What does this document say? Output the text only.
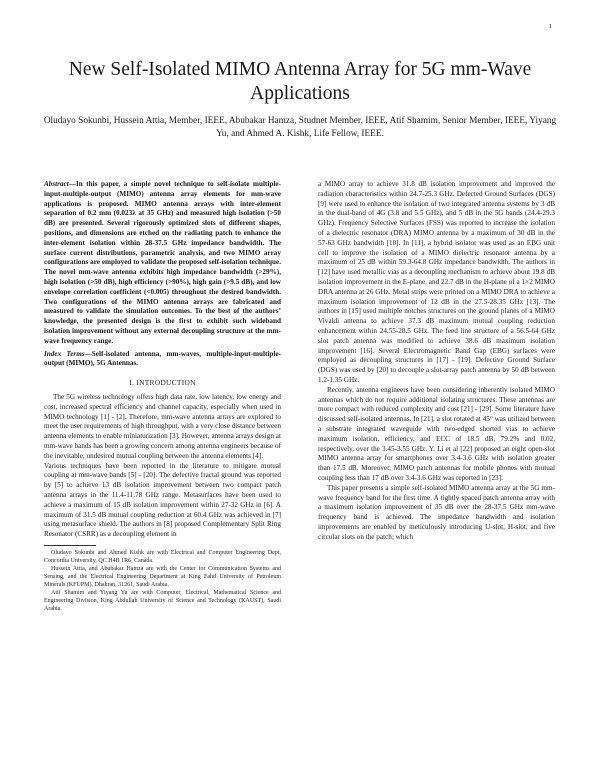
1
New Self-Isolated MIMO Antenna Array for 5G mm-Wave Applications
Oludayo Sokunbi, Hussein Attia, Member, IEEE, Abubakar Hamza, Studnet Member, IEEE, Atif Shamim, Senior Member, IEEE, Yiyang Yu, and Ahmed A. Kishk, Life Fellow, IEEE.
Abstract—In this paper, a simple novel technique to self-isolate multiple-input-multiple-output (MIMO) antenna array elements for mm-wave applications is proposed. MIMO antenna arrays with inter-element separation of 0.2 mm (0.023λ at 35 GHz) and measured high isolation (>50 dB) are presented. Several rigorously optimized slots of different shapes, positions, and dimensions are etched on the radiating patch to enhance the inter-element isolation within 28-37.5 GHz impedance bandwidth. The surface current distributions, parametric analysis, and two MIMO array configurations are employed to validate the proposed self-isolation technique. The novel mm-wave antenna exhibits high impedance bandwidth (>29%), high isolation (>50 dB), high efficiency (>90%), high gain (>9.5 dB), and low envelope correlation coefficient (<0.005) throughout the desired bandwidth. Two configurations of the MIMO antenna arrays are fabricated and measured to validate the simulation outcomes. To the best of the authors’ knowledge, the presented design is the first to exhibit such wideband isolation improvement without any external decoupling structure at the mm-wave frequency range.
Index Terms—Self-isolated antenna, mm-waves, multiple-input-multiple-output (MIMO), 5G Antennas.
I. INTRODUCTION

The 5G wireless technology offers high data rate, low latency, low energy and cost, increased spectral efficiency and channel capacity, especially when used in MIMO technology [1] - [2]. Therefore, mm-wave antenna arrays are explored to meet the user requirements of high throughput, with a very close distance between antenna elements to enable miniaturization [3]. However, antenna arrays design at mm-wave bands has been a growing concern among antenna engineers because of the inevitable, undesired mutual coupling between the antenna elements [4].

Various techniques have been reported in the literature to mitigate mutual coupling at mm-wave bands [5] - [20]. The defective fractal ground was reported by [5] to achieve 13 dB isolation improvement between two compact patch antenna arrays in the 11.4-11.78 GHz range. Metasurfaces have been used to achieve a maximum of 15 dB isolation improvement within 27-32 GHz in [6]. A maximum of 31.5 dB mutual coupling reduction at 60.4 GHz was achieved in [7] using metasurface shield. The authors in [8] proposed Complementary Split Ring Resonator (CSRR) as a decoupling element in

Oludayo Sokunbi and Ahmed Kishk are with Electrical and Computer Engineering Dept, Concordia University, QC H4B 1R6, Canada.

Hussein Attia, and Abubakar Hamza are with the Center for Communication Systems and Sensing, and the Electrical Engineering Department at King Fahd University of Petroleum Minerals (KFUPM), Dhahran, 31261, Saudi Arabia.

Atif Shamim and Yiyang Yu are with Computer, Electrical, Mathematical Science and Engineering Division, King Abdullah University of Science and Technology (KAUST), Saudi Arabia.

a MIMO array to achieve 31.8 dB isolation improvement and improved the radiation characteristics within 24.7-25.3 GHz. Defected Ground Surfaces (DGS) [9] were used to enhance the isolation of two integrated antenna systems by 3 dB in the dual-band of 4G (3.8 and 5.5 GHz), and 5 dB in the 5G bands (24.4-29.3 GHz). Frequency Selective Surfaces (FSS) was reported to increase the isolation of a dielectric resonator (DRA) MIMO antenna by a maximum of 30 dB in the 57-63 GHz bandwidth [10]. In [11], a hybrid isolator was used as an EBG unit cell to improve the isolation of a MIMO dielectric resonator antenna by a maximum of 25 dB within 59.3-64.8 GHz impedance bandwidth. The authors in [12] have used metallic vias as a decoupling mechanism to achieve about 19.8 dB isolation improvement in the E-plane, and 22.7 dB in the H-plane of a 1×2 MIMO DRA antenna at 26 GHz. Metal strips were printed on a MIMO DRA to achieve a maximum isolation improvement of 12 dB in the 27.5-28.35 GHz [13]. The authors in [15] used multiple notches structures on the ground planes of a MIMO Vivaldi antenna to achieve 37.3 dB maximum mutual coupling reduction enhancement within 24.55-28.5 GHz. The feed line structure of a 56.5-64 GHz slot patch antenna was modified to achieve 38.6 dB maximum isolation improvement [16]. Several Electromagnetic Band Gap (EBG) surfaces were employed as decoupling structures in [17] - [19]. Defective Ground Surface (DGS) was used by [20] to decouple a slot-array patch antenna by 50 dB between 1.2-1.35 GHz.

Recently, antenna engineers have been considering inherently isolated MIMO antennas which do not require additional isolating structures. These antennas are more compact with reduced complexity and cost [21] - [29]. Some literature have discussed self-isolated antennas. In [21], a slot rotated at 45° was utilized between a substrate integrated waveguide with two-edged shorted vias to achieve maximum isolation, efficiency, and ECC of 18.5 dB, 79.2% and 0.02, respectively, over the 3.45-3.55 GHz. Y. Li et al [22] proposed an eight open-slot MIMO antenna array for smartphones over 3.4-3.6 GHz with isolation greater than 17.5 dB. Moreover, MIMO patch antennas for mobile phones with mutual coupling less than 17 dB over 3.4-3.6 GHz was reported in [23].

This paper presents a simple self-isolated MIMO antenna array at the 5G mm-wave frequency band for the first time. A tightly spaced patch antenna array with a maximum isolation improvement of 35 dB over the 28-37.5 GHz mm-wave frequency band is achieved. The impedance bandwidth and isolation improvements are enabled by meticulously introducing U-slot, H-slot, and five circular slots on the patch; which
